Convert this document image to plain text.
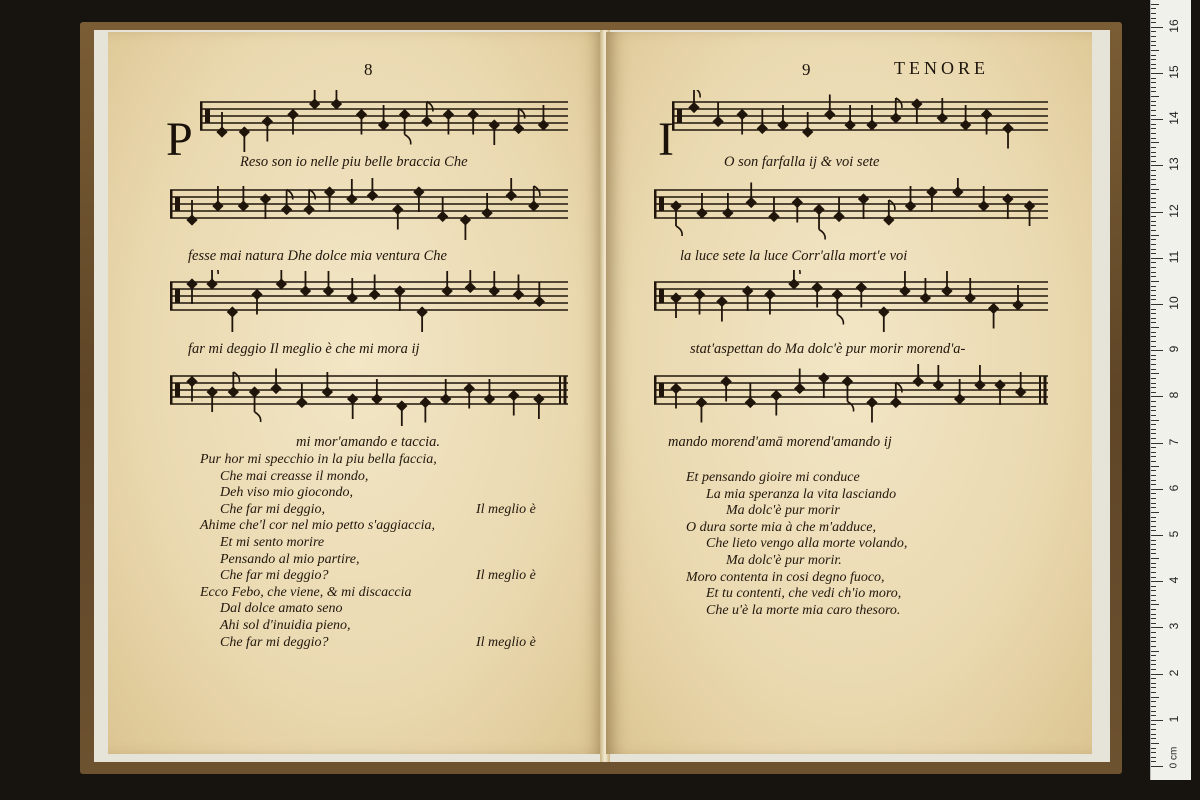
8
P	Reso son io nelle piu belle braccia Che
fesse mai natura Dhe dolce mia ventura Che
far mi deggio Il meglio è che mi mora ij
mi mor'amando e taccia.
Pur hor mi specchio in la piu bella faccia,
Che mai creasse il mondo,
Deh viso mio giocondo,
Che far mi deggio,	Il meglio è
Ahime che'l cor nel mio petto s'aggiaccia,
Et mi sento morire
Pensando al mio partire,
Che far mi deggio?	Il meglio è
Ecco Febo, che viene, & mi discaccia
Dal dolce amato seno
Ahi sol d'inuidia pieno,
Che far mi deggio?	Il meglio è
9	TENORE
I	O son farfalla ij & voi sete
la luce sete la luce Corr'alla mort'e voi
stat'aspettan do Ma dolc'è pur morir morend'a-
mando morend'amā morend'amando ij
Et pensando gioire mi conduce
La mia speranza la vita lasciando
Ma dolc'è pur morir
O dura sorte mia à che m'adduce,
Che lieto vengo alla morte volando,
Ma dolc'è pur morir.
Moro contenta in cosi degno fuoco,
Et tu contenti, che vedi ch'io moro,
Che u'è la morte mia caro thesoro.
0 cm
1
2
3
4
5
6
7
8
9
10
11
12
13
14
15
16
